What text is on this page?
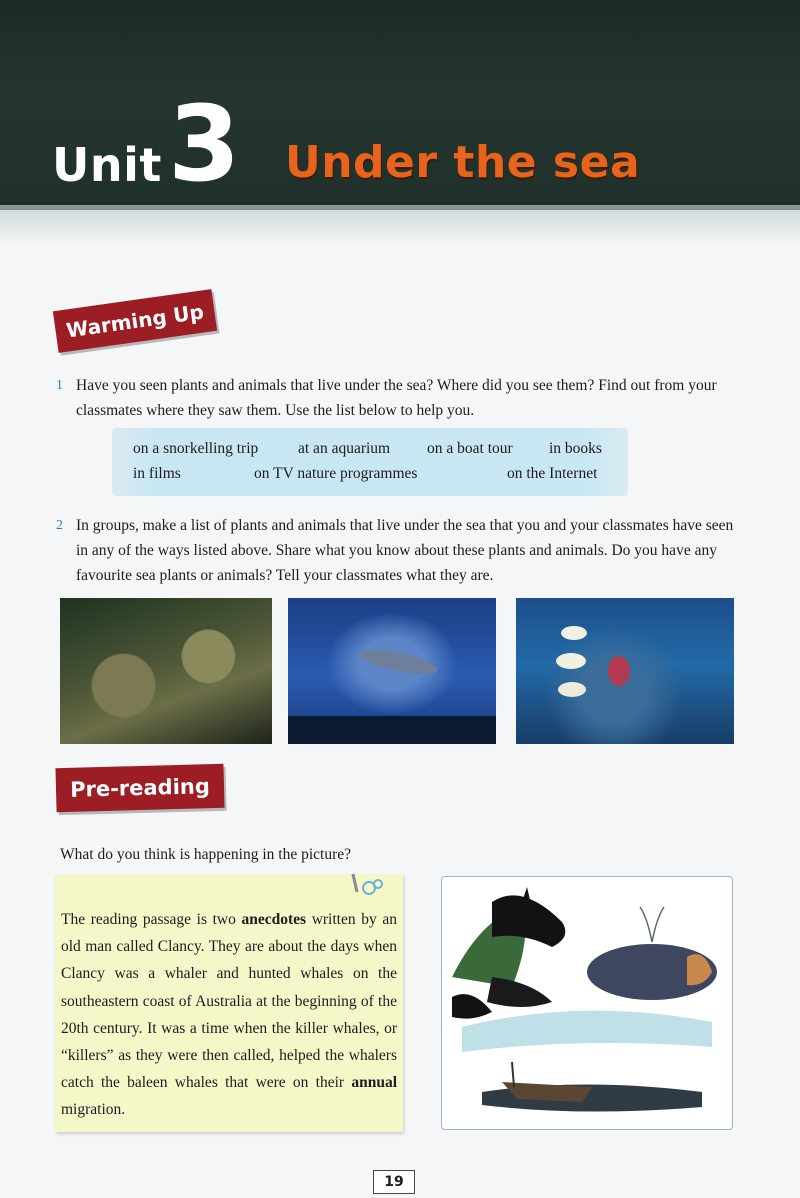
Unit 3 Under the sea
Warming Up
1 Have you seen plants and animals that live under the sea? Where did you see them? Find out from your classmates where they saw them. Use the list below to help you.
on a snorkelling trip	at an aquarium on a boat tour in books
in films	on TV nature programmes	on the Internet
2 In groups, make a list of plants and animals that live under the sea that you and your classmates have seen in any of the ways listed above. Share what you know about these plants and animals. Do you have any favourite sea plants or animals? Tell your classmates what they are.
Pre-reading
What do you think is happening in the picture?
The reading passage is two anecdotes written by an old man called Clancy. They are about the days when Clancy was a whaler and hunted whales on the southeastern coast of Australia at the beginning of the 20th century. It was a time when the killer whales, or “killers” as they were then called, helped the whalers catch the baleen whales that were on their annual migration.
19
